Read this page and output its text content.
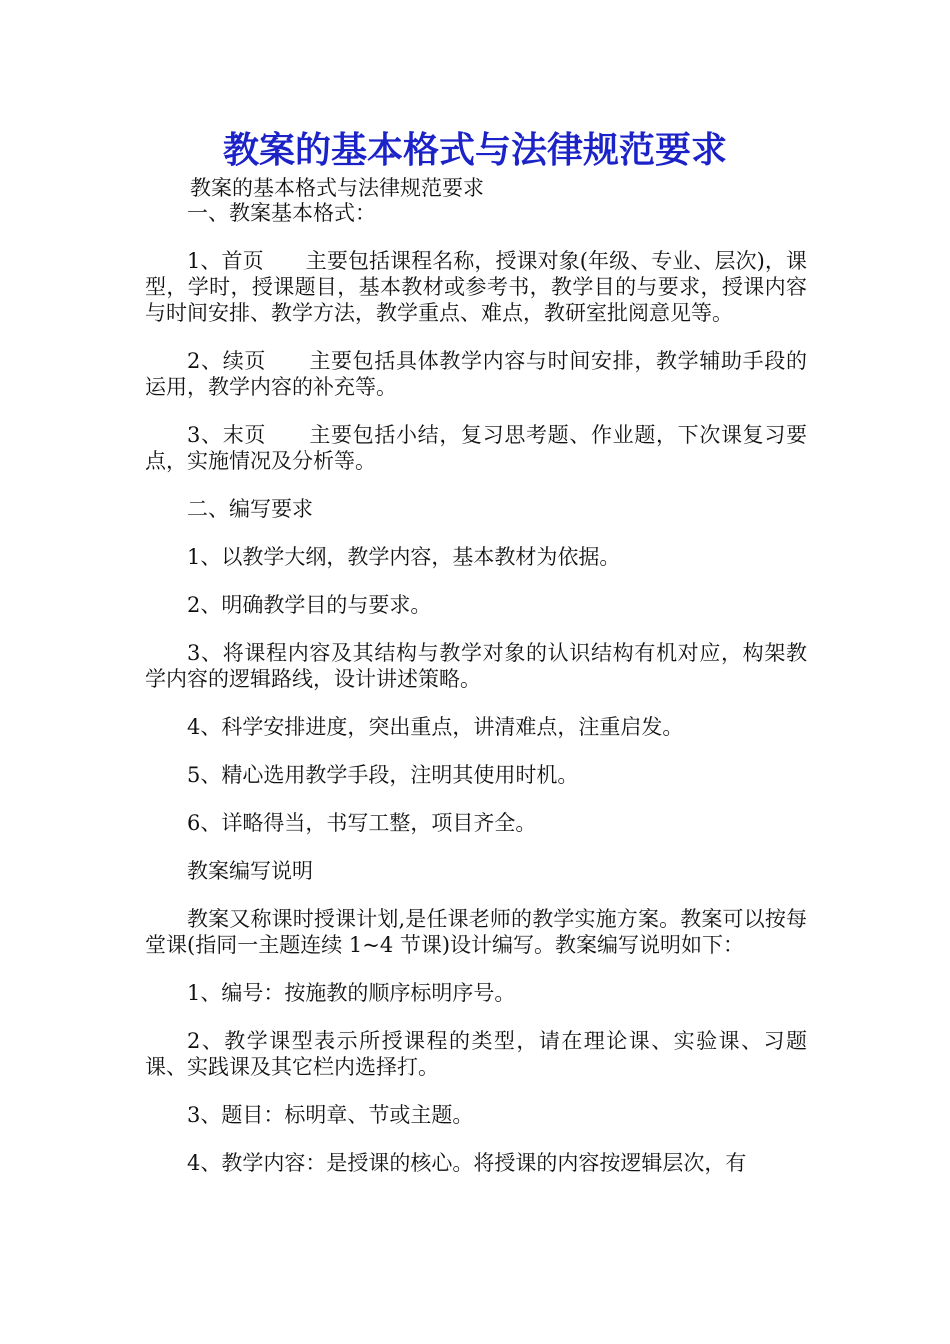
教案的基本格式与法律规范要求
教案的基本格式与法律规范要求

一、教案基本格式：

1、首页　　主要包括课程名称，授课对象(年级、专业、层次)，课型，学时，授课题目，基本教材或参考书，教学目的与要求，授课内容与时间安排、教学方法，教学重点、难点，教研室批阅意见等。

2、续页　　主要包括具体教学内容与时间安排，教学辅助手段的运用，教学内容的补充等。

3、末页　　主要包括小结，复习思考题、作业题，下次课复习要点，实施情况及分析等。

二、编写要求

1、以教学大纲，教学内容，基本教材为依据。

2、明确教学目的与要求。

3、将课程内容及其结构与教学对象的认识结构有机对应，构架教学内容的逻辑路线，设计讲述策略。

4、科学安排进度，突出重点，讲清难点，注重启发。

5、精心选用教学手段，注明其使用时机。

6、详略得当，书写工整，项目齐全。

教案编写说明

教案又称课时授课计划,是任课老师的教学实施方案。教案可以按每堂课(指同一主题连续 1~4 节课)设计编写。教案编写说明如下：

1、编号：按施教的顺序标明序号。

2、教学课型表示所授课程的类型，请在理论课、实验课、习题课、实践课及其它栏内选择打。

3、题目：标明章、节或主题。

4、教学内容：是授课的核心。将授课的内容按逻辑层次，有
